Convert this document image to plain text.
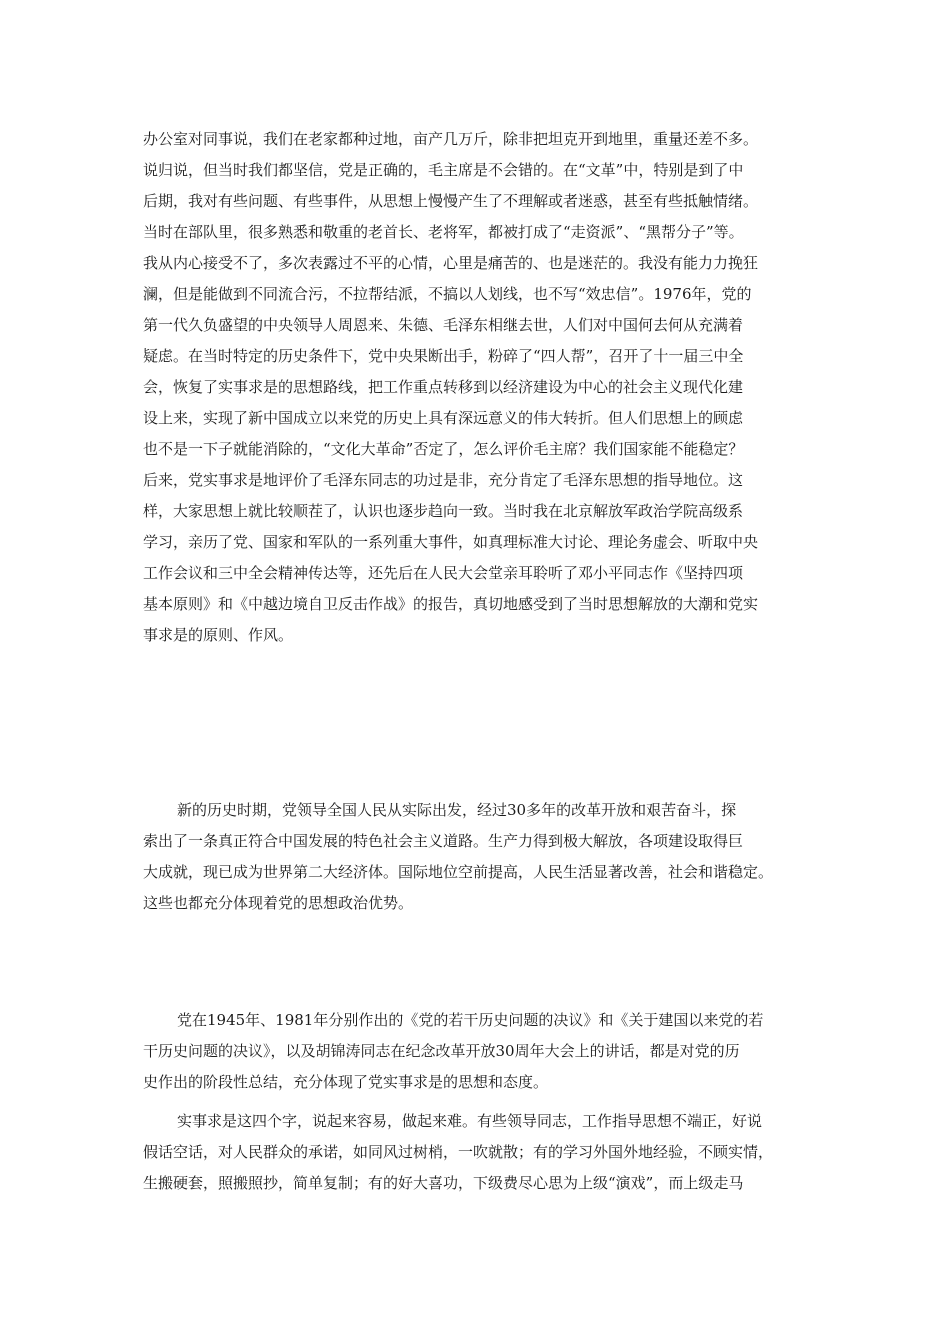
办公室对同事说，我们在老家都种过地，亩产几万斤，除非把坦克开到地里，重量还差不多。
说归说，但当时我们都坚信，党是正确的，毛主席是不会错的。在“文革”中，特别是到了中
后期，我对有些问题、有些事件，从思想上慢慢产生了不理解或者迷惑，甚至有些抵触情绪。
当时在部队里，很多熟悉和敬重的老首长、老将军，都被打成了“走资派”、“黑帮分子”等。
我从内心接受不了，多次表露过不平的心情，心里是痛苦的、也是迷茫的。我没有能力力挽狂
澜，但是能做到不同流合污，不拉帮结派，不搞以人划线，也不写“效忠信”。1976年，党的
第一代久负盛望的中央领导人周恩来、朱德、毛泽东相继去世，人们对中国何去何从充满着
疑虑。在当时特定的历史条件下，党中央果断出手，粉碎了“四人帮”，召开了十一届三中全
会，恢复了实事求是的思想路线，把工作重点转移到以经济建设为中心的社会主义现代化建
设上来，实现了新中国成立以来党的历史上具有深远意义的伟大转折。但人们思想上的顾虑
也不是一下子就能消除的，“文化大革命”否定了，怎么评价毛主席？我们国家能不能稳定？
后来，党实事求是地评价了毛泽东同志的功过是非，充分肯定了毛泽东思想的指导地位。这
样，大家思想上就比较顺茬了，认识也逐步趋向一致。当时我在北京解放军政治学院高级系
学习，亲历了党、国家和军队的一系列重大事件，如真理标准大讨论、理论务虚会、听取中央
工作会议和三中全会精神传达等，还先后在人民大会堂亲耳聆听了邓小平同志作《坚持四项
基本原则》和《中越边境自卫反击作战》的报告，真切地感受到了当时思想解放的大潮和党实
事求是的原则、作风。
新的历史时期，党领导全国人民从实际出发，经过30多年的改革开放和艰苦奋斗，探
索出了一条真正符合中国发展的特色社会主义道路。生产力得到极大解放，各项建设取得巨
大成就，现已成为世界第二大经济体。国际地位空前提高，人民生活显著改善，社会和谐稳定。
这些也都充分体现着党的思想政治优势。
党在1945年、1981年分别作出的《党的若干历史问题的决议》和《关于建国以来党的若
干历史问题的决议》，以及胡锦涛同志在纪念改革开放30周年大会上的讲话，都是对党的历
史作出的阶段性总结，充分体现了党实事求是的思想和态度。
实事求是这四个字，说起来容易，做起来难。有些领导同志，工作指导思想不端正，好说
假话空话，对人民群众的承诺，如同风过树梢，一吹就散；有的学习外国外地经验，不顾实情，
生搬硬套，照搬照抄，简单复制；有的好大喜功，下级费尽心思为上级“演戏”，而上级走马
